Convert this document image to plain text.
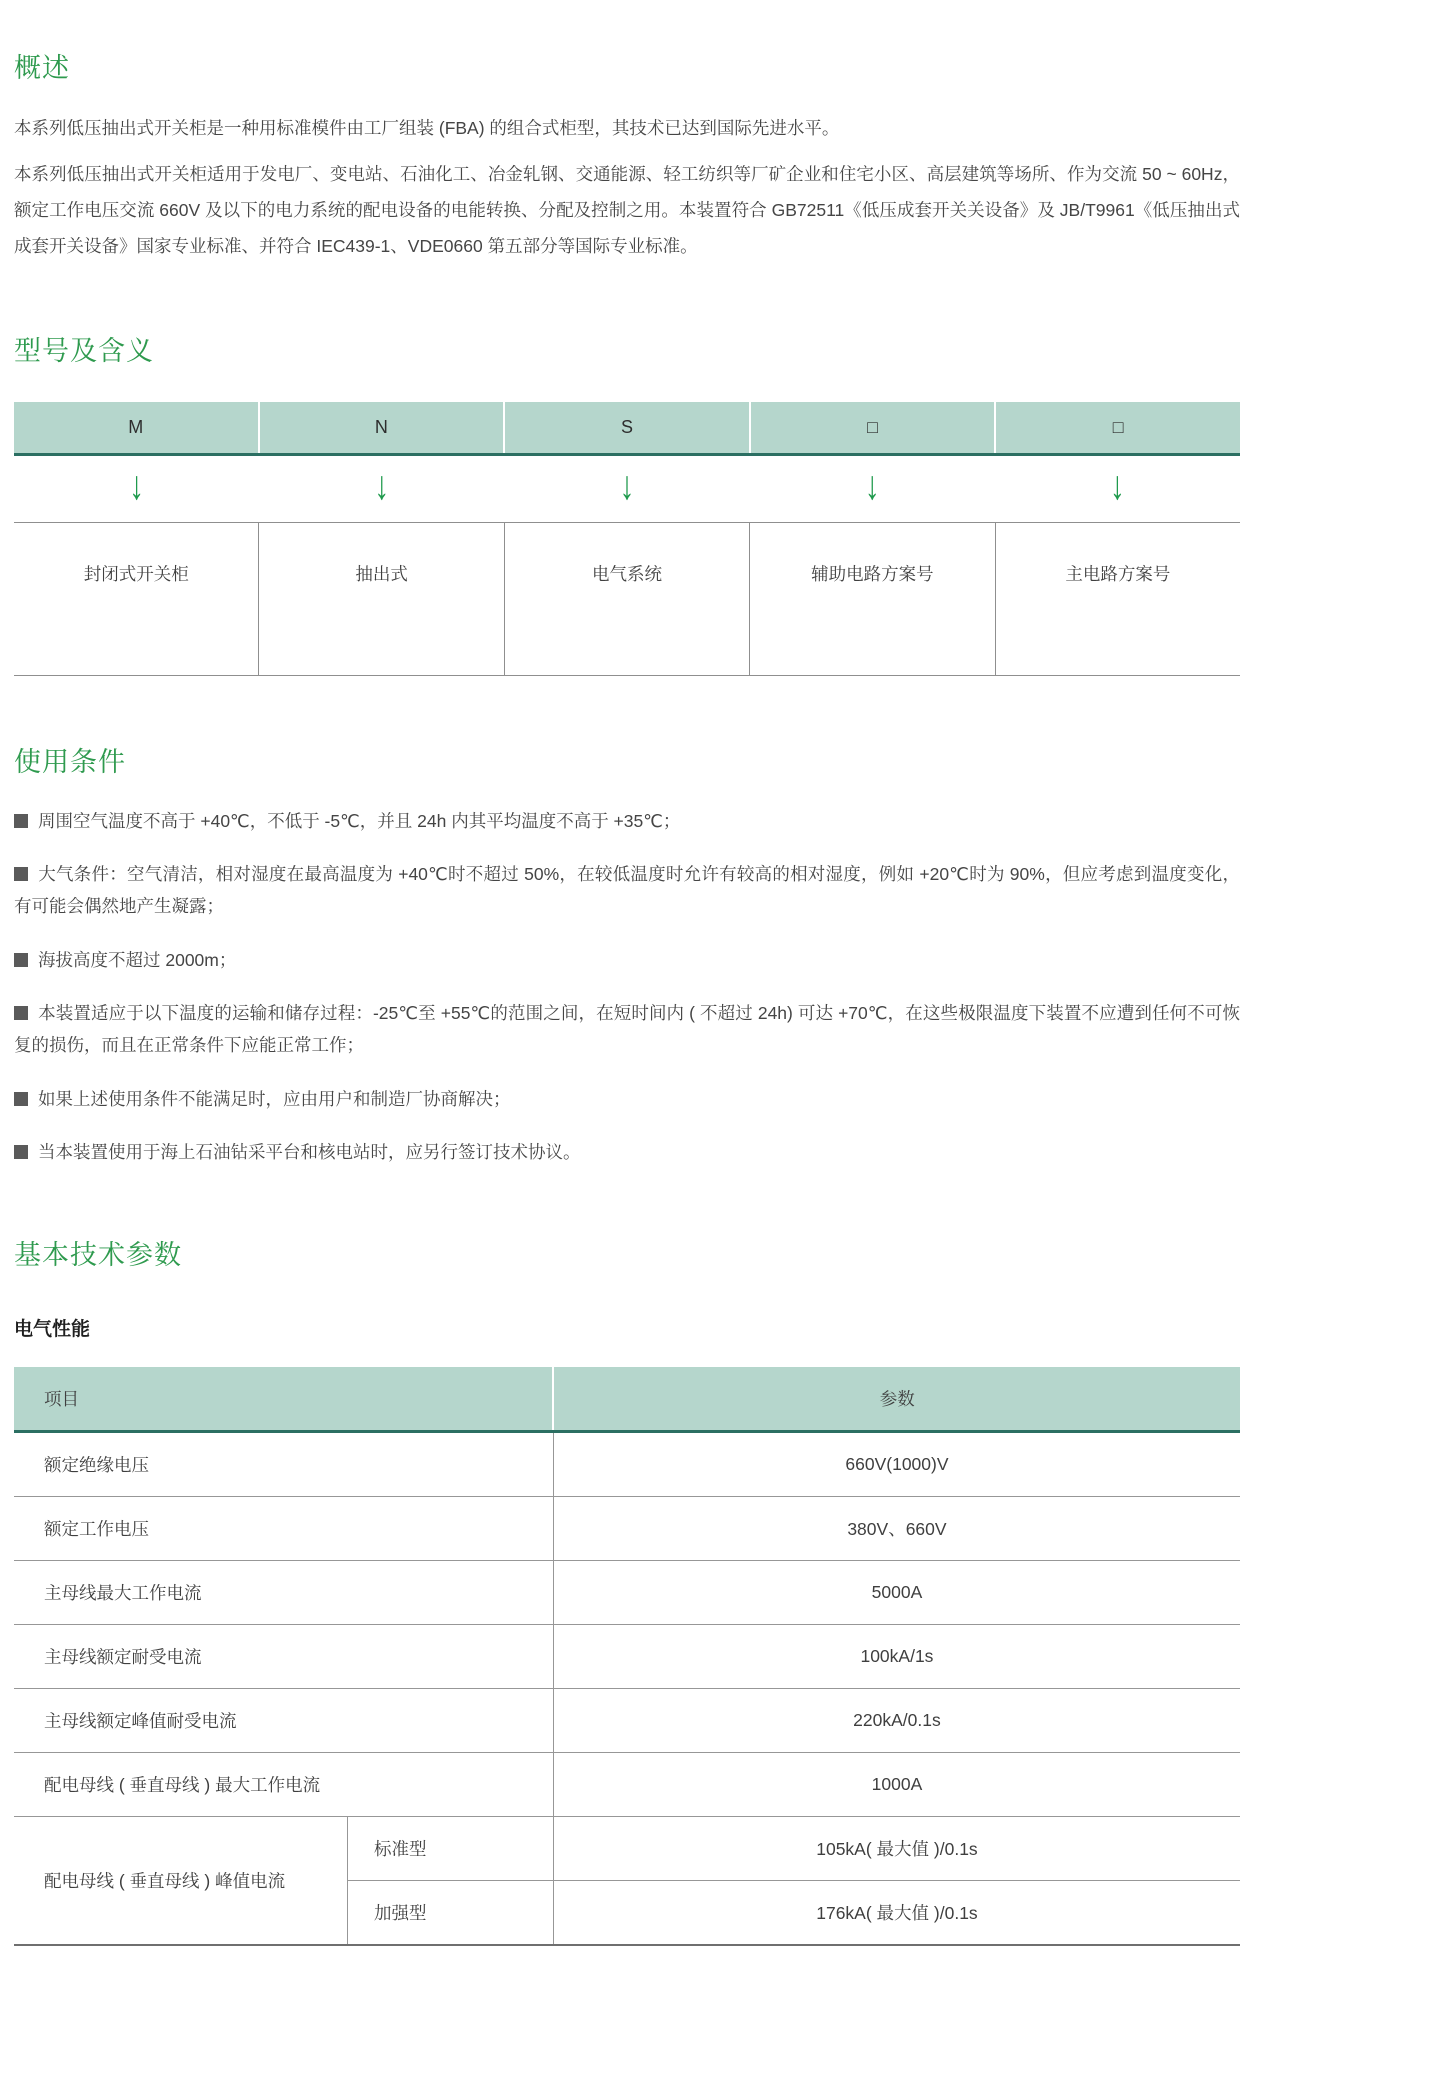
概述

本系列低压抽出式开关柜是一种用标准模件由工厂组装 (FBA) 的组合式柜型，其技术已达到国际先进水平。

本系列低压抽出式开关柜适用于发电厂、变电站、石油化工、冶金轧钢、交通能源、轻工纺织等厂矿企业和住宅小区、高层建筑等场所、作为交流 50 ~ 60Hz，额定工作电压交流 660V 及以下的电力系统的配电设备的电能转换、分配及控制之用。本装置符合 GB72511《低压成套开关关设备》及 JB/T9961《低压抽出式成套开关设备》国家专业标准、并符合 IEC439-1、VDE0660 第五部分等国际专业标准。

型号及含义
M	N	S	□	□
↓	↓	↓	↓	↓
封闭式开关柜	抽出式	电气系统	辅助电路方案号	主电路方案号
使用条件

周围空气温度不高于 +40℃，不低于 -5℃，并且 24h 内其平均温度不高于 +35℃；

大气条件：空气清洁，相对湿度在最高温度为 +40℃时不超过 50%，在较低温度时允许有较高的相对湿度，例如 +20℃时为 90%，但应考虑到温度变化，有可能会偶然地产生凝露；

海拔高度不超过 2000m；

本装置适应于以下温度的运输和储存过程：-25℃至 +55℃的范围之间，在短时间内 ( 不超过 24h) 可达 +70℃，在这些极限温度下装置不应遭到任何不可恢复的损伤，而且在正常条件下应能正常工作；

如果上述使用条件不能满足时，应由用户和制造厂协商解决；

当本装置使用于海上石油钻采平台和核电站时，应另行签订技术协议。

基本技术参数
电气性能
项目		参数
额定绝缘电压		660V(1000)V
额定工作电压		380V、660V
主母线最大工作电流		5000A
主母线额定耐受电流		100kA/1s
主母线额定峰值耐受电流		220kA/0.1s
配电母线 ( 垂直母线 ) 最大工作电流		1000A
配电母线 ( 垂直母线 ) 峰值电流	标准型	105kA( 最大值 )/0.1s
	加强型	176kA( 最大值 )/0.1s
